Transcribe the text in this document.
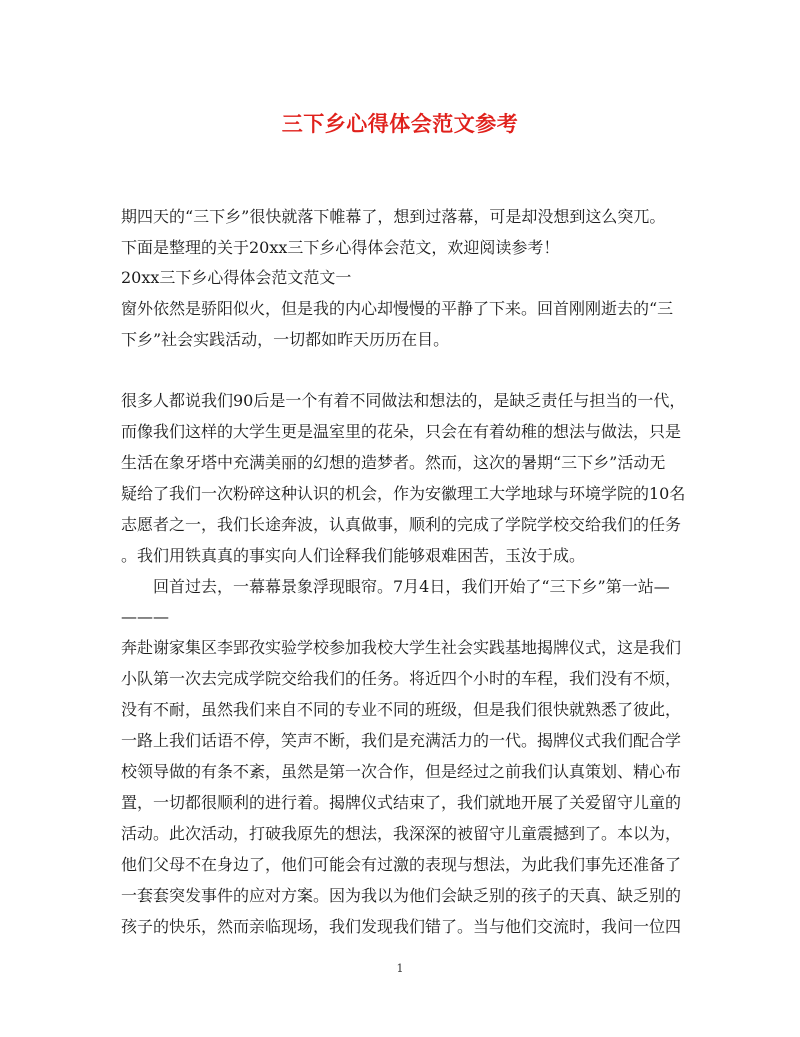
三下乡心得体会范文参考
期四天的“三下乡”很快就落下帷幕了，想到过落幕，可是却没想到这么突兀。
下面是整理的关于20xx三下乡心得体会范文，欢迎阅读参考！
20xx三下乡心得体会范文范文一
窗外依然是骄阳似火，但是我的内心却慢慢的平静了下来。回首刚刚逝去的“三
下乡”社会实践活动，一切都如昨天历历在目。
很多人都说我们90后是一个有着不同做法和想法的，是缺乏责任与担当的一代，
而像我们这样的大学生更是温室里的花朵，只会在有着幼稚的想法与做法，只是
生活在象牙塔中充满美丽的幻想的造梦者。然而，这次的暑期“三下乡”活动无
疑给了我们一次粉碎这种认识的机会，作为安徽理工大学地球与环境学院的10名
志愿者之一，我们长途奔波，认真做事，顺利的完成了学院学校交给我们的任务
。我们用铁真真的事实向人们诠释我们能够艰难困苦，玉汝于成。
　　回首过去，一幕幕景象浮现眼帘。7月4日，我们开始了“三下乡”第一站—
———
奔赴谢家集区李郢孜实验学校参加我校大学生社会实践基地揭牌仪式，这是我们
小队第一次去完成学院交给我们的任务。将近四个小时的车程，我们没有不烦，
没有不耐，虽然我们来自不同的专业不同的班级，但是我们很快就熟悉了彼此，
一路上我们话语不停，笑声不断，我们是充满活力的一代。揭牌仪式我们配合学
校领导做的有条不紊，虽然是第一次合作，但是经过之前我们认真策划、精心布
置，一切都很顺利的进行着。揭牌仪式结束了，我们就地开展了关爱留守儿童的
活动。此次活动，打破我原先的想法，我深深的被留守儿童震撼到了。本以为，
他们父母不在身边了，他们可能会有过激的表现与想法，为此我们事先还准备了
一套套突发事件的应对方案。因为我以为他们会缺乏别的孩子的天真、缺乏别的
孩子的快乐，然而亲临现场，我们发现我们错了。当与他们交流时，我问一位四
1
